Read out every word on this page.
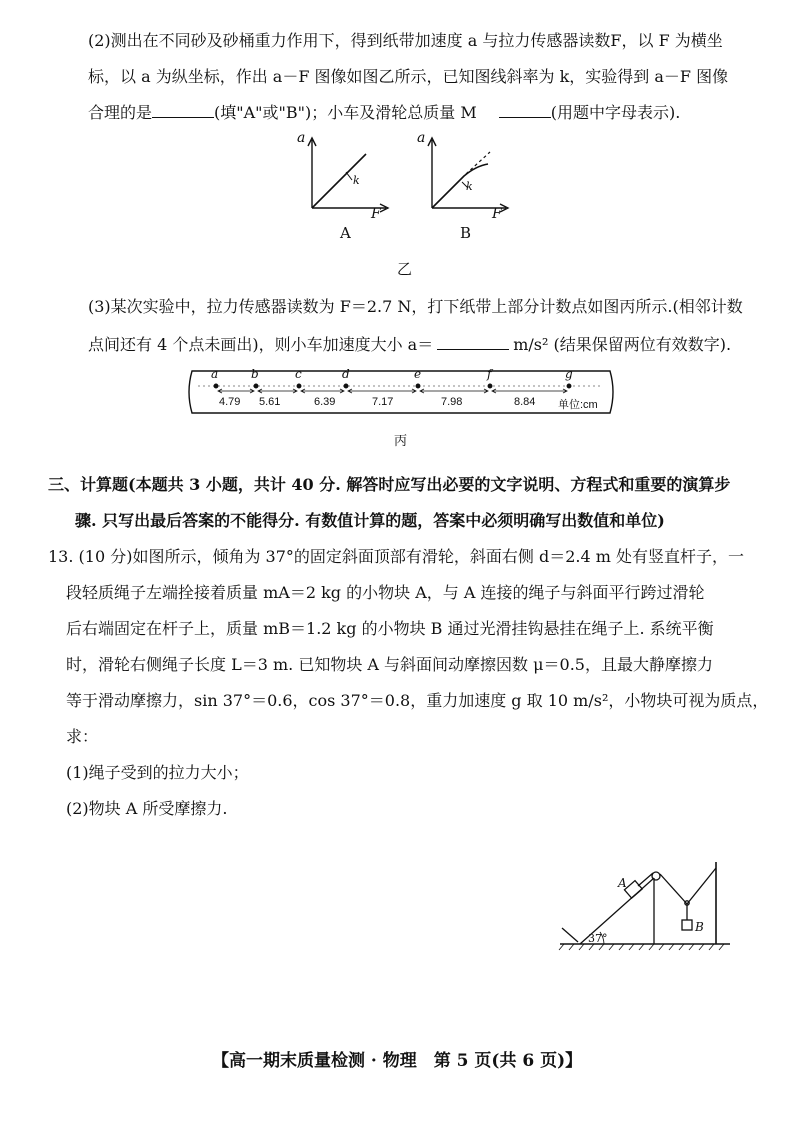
(2)测出在不同砂及砂桶重力作用下，得到纸带加速度 a 与拉力传感器读数F，以 F 为横坐
标，以 a 为纵坐标，作出 a－F 图像如图乙所示，已知图线斜率为 k，实验得到 a－F 图像
合理的是	(填"A"或"B")；小车及滑轮总质量 M	(用题中字母表示).
a
F
k
A
a
F
k
B
乙
(3)某次实验中，拉力传感器读数为 F＝2.7 N，打下纸带上部分计数点如图丙所示.(相邻计数
点间还有 4 个点未画出)，则小车加速度大小 a＝	m/s² (结果保留两位有效数字).
a	b	c	d	e	f	g
4.79 5.61	6.39	7.17	7.98	8.84 单位:cm
丙
三、计算题(本题共 3 小题，共计 40 分. 解答时应写出必要的文字说明、方程式和重要的演算步
骤. 只写出最后答案的不能得分. 有数值计算的题，答案中必须明确写出数值和单位)
13. (10 分)如图所示，倾角为 37°的固定斜面顶部有滑轮，斜面右侧 d＝2.4 m 处有竖直杆子，一
段轻质绳子左端拴接着质量 mA＝2 kg 的小物块 A，与 A 连接的绳子与斜面平行跨过滑轮
后右端固定在杆子上，质量 mB＝1.2 kg 的小物块 B 通过光滑挂钩悬挂在绳子上. 系统平衡
时，滑轮右侧绳子长度 L＝3 m. 已知物块 A 与斜面间动摩擦因数 μ＝0.5，且最大静摩擦力
等于滑动摩擦力，sin 37°＝0.6，cos 37°＝0.8，重力加速度 g 取 10 m/s²，小物块可视为质点，
求：
(1)绳子受到的拉力大小；
(2)物块 A 所受摩擦力.
A
B
37°
【高一期末质量检测 · 物理　第 5 页(共 6 页)】
